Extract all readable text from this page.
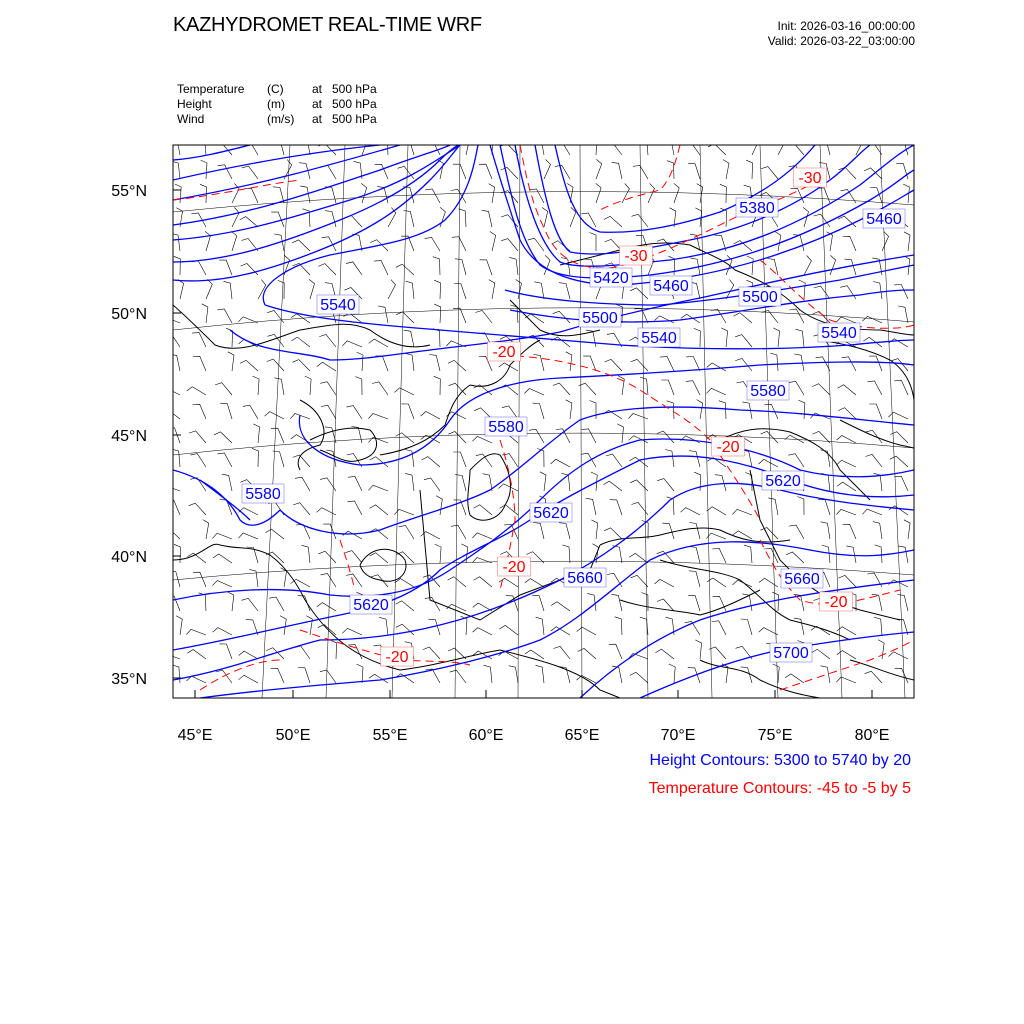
KAZHYDROMET REAL-TIME WRF	Init: 2026-03-16_00:00:00
Valid: 2026-03-22_03:00:00
Temperature	(C)	at 500 hPa
Height	(m)	at 500 hPa
Wind	(m/s)	at 500 hPa
5380
5460
5420 5460
5500
5500
5540
5540	5540
5580
5580
5580
5620
5620
5620
5660	5660
5700
-30
-30
-20
-20
-20
-20
-20
45°E	50°E	55°E	60°E	65°E	70°E	75°E	80°E
35°N
40°N
45°N
50°N
55°N
Height Contours: 5300 to 5740 by 20
Temperature Contours: -45 to -5 by 5
